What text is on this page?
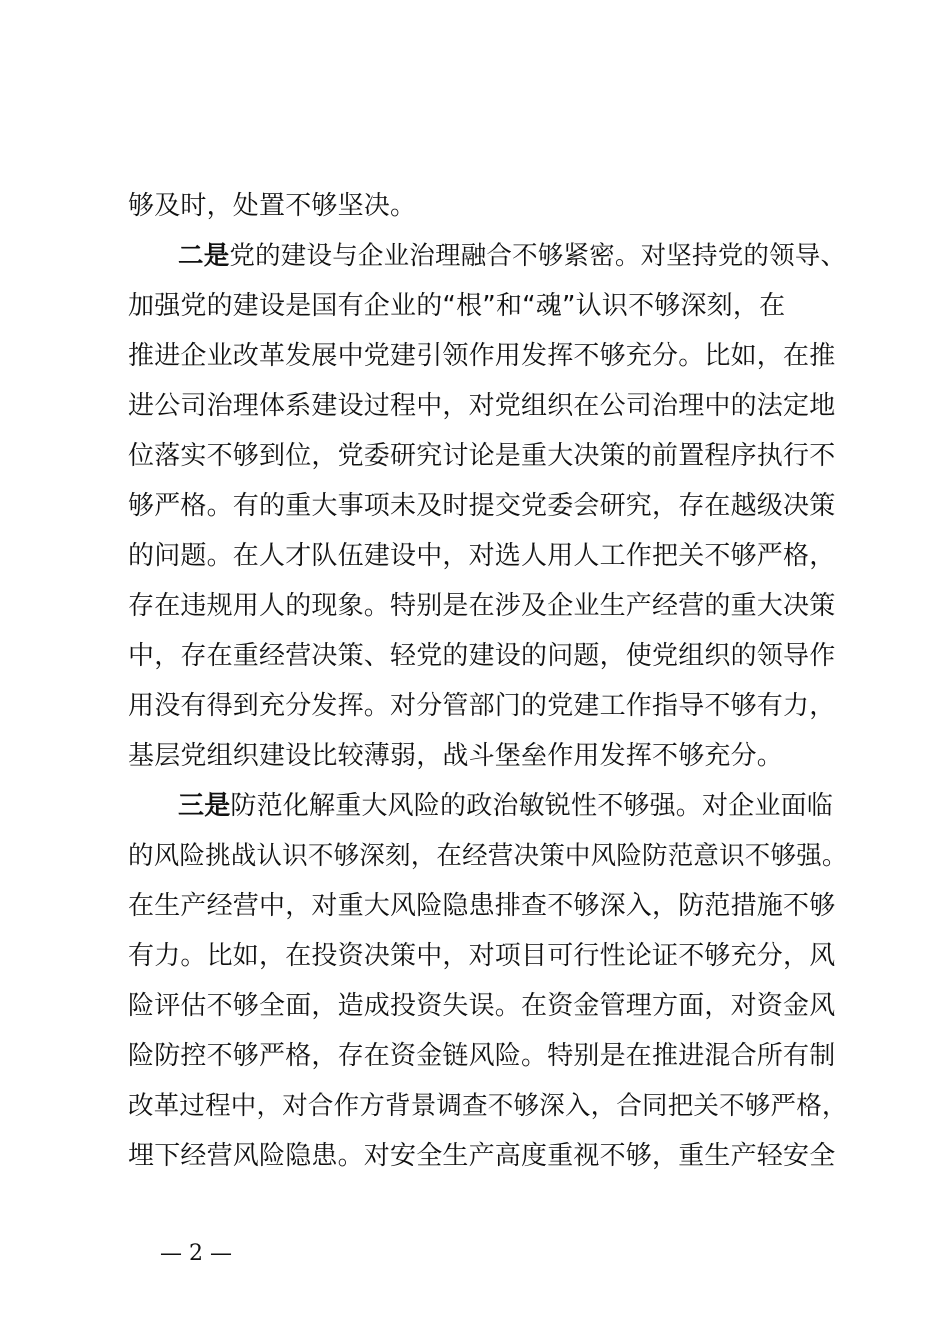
够及时，处置不够坚决。
二是党的建设与企业治理融合不够紧密。对坚持党的领导、
加强党的建设是国有企业的“根”和“魂”认识不够深刻，在
推进企业改革发展中党建引领作用发挥不够充分。比如，在推
进公司治理体系建设过程中，对党组织在公司治理中的法定地
位落实不够到位，党委研究讨论是重大决策的前置程序执行不
够严格。有的重大事项未及时提交党委会研究，存在越级决策
的问题。在人才队伍建设中，对选人用人工作把关不够严格，
存在违规用人的现象。特别是在涉及企业生产经营的重大决策
中，存在重经营决策、轻党的建设的问题，使党组织的领导作
用没有得到充分发挥。对分管部门的党建工作指导不够有力，
基层党组织建设比较薄弱，战斗堡垒作用发挥不够充分。
三是防范化解重大风险的政治敏锐性不够强。对企业面临
的风险挑战认识不够深刻，在经营决策中风险防范意识不够强。
在生产经营中，对重大风险隐患排查不够深入，防范措施不够
有力。比如，在投资决策中，对项目可行性论证不够充分，风
险评估不够全面，造成投资失误。在资金管理方面，对资金风
险防控不够严格，存在资金链风险。特别是在推进混合所有制
改革过程中，对合作方背景调查不够深入，合同把关不够严格，
埋下经营风险隐患。对安全生产高度重视不够，重生产轻安全
— 2 —
